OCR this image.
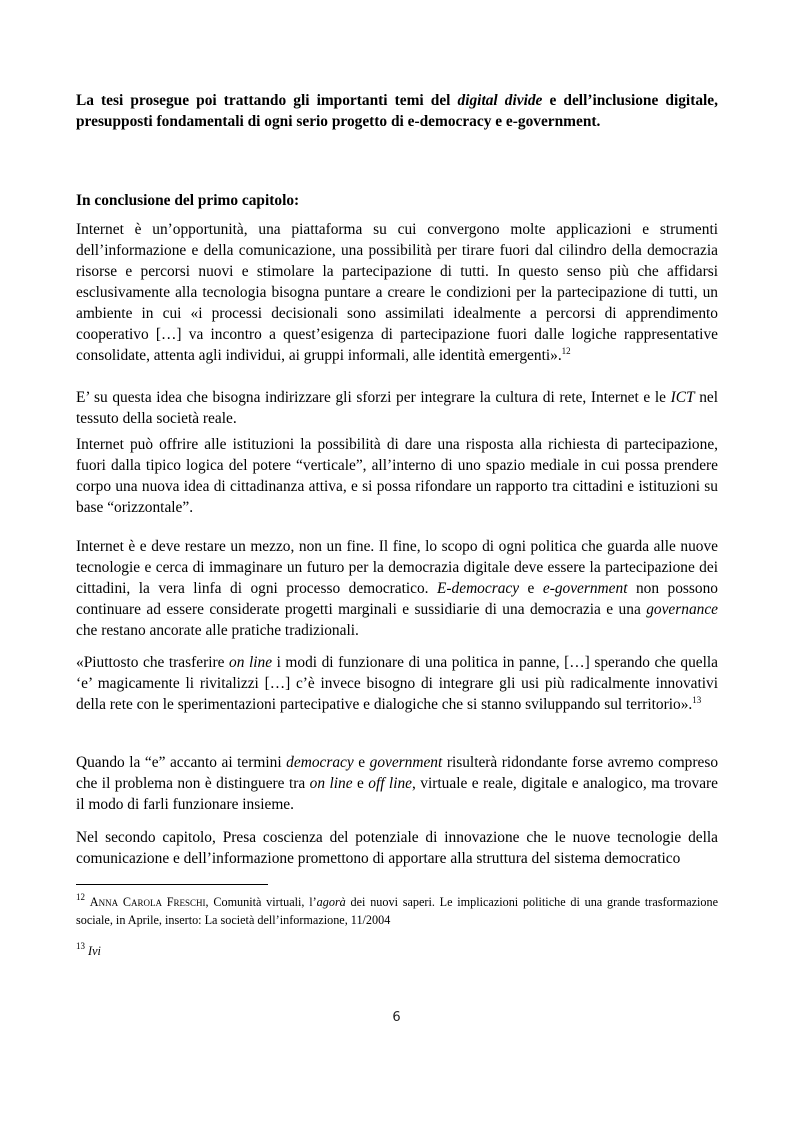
La tesi prosegue poi trattando gli importanti temi del digital divide e dell’inclusione digitale, presupposti fondamentali di ogni serio progetto di e-democracy e e-government.
In conclusione del primo capitolo:

Internet è un’opportunità, una piattaforma su cui convergono molte applicazioni e strumenti dell’informazione e della comunicazione, una possibilità per tirare fuori dal cilindro della democrazia risorse e percorsi nuovi e stimolare la partecipazione di tutti. In questo senso più che affidarsi esclusivamente alla tecnologia bisogna puntare a creare le condizioni per la partecipazione di tutti, un ambiente in cui «i processi decisionali sono assimilati idealmente a percorsi di apprendimento cooperativo […] va incontro a quest’esigenza di partecipazione fuori dalle logiche rappresentative consolidate, attenta agli individui, ai gruppi informali, alle identità emergenti».$^{12}$

E’ su questa idea che bisogna indirizzare gli sforzi per integrare la cultura di rete, Internet e le ICT nel tessuto della società reale.

Internet può offrire alle istituzioni la possibilità di dare una risposta alla richiesta di partecipazione, fuori dalla tipico logica del potere “verticale”, all’interno di uno spazio mediale in cui possa prendere corpo una nuova idea di cittadinanza attiva, e si possa rifondare un rapporto tra cittadini e istituzioni su base “orizzontale”.

Internet è e deve restare un mezzo, non un fine. Il fine, lo scopo di ogni politica che guarda alle nuove tecnologie e cerca di immaginare un futuro per la democrazia digitale deve essere la partecipazione dei cittadini, la vera linfa di ogni processo democratico. E-democracy e e-government non possono continuare ad essere considerate progetti marginali e sussidiarie di una democrazia e una governance che restano ancorate alle pratiche tradizionali.

«Piuttosto che trasferire on line i modi di funzionare di una politica in panne, […] sperando che quella ‘e’ magicamente li rivitalizzi […] c’è invece bisogno di integrare gli usi più radicalmente innovativi della rete con le sperimentazioni partecipative e dialogiche che si stanno sviluppando sul territorio».$^{13}$

Quando la “e” accanto ai termini democracy e government risulterà ridondante forse avremo compreso che il problema non è distinguere tra on line e off line, virtuale e reale, digitale e analogico, ma trovare il modo di farli funzionare insieme.

Nel secondo capitolo, Presa coscienza del potenziale di innovazione che le nuove tecnologie della comunicazione e dell’informazione promettono di apportare alla struttura del sistema democratico

$^{12}$ Anna Carola Freschi, Comunità virtuali, l’agorà dei nuovi saperi. Le implicazioni politiche di una grande trasformazione sociale, in Aprile, inserto: La società dell’informazione, 11/2004
$^{13}$ Ivi
6
